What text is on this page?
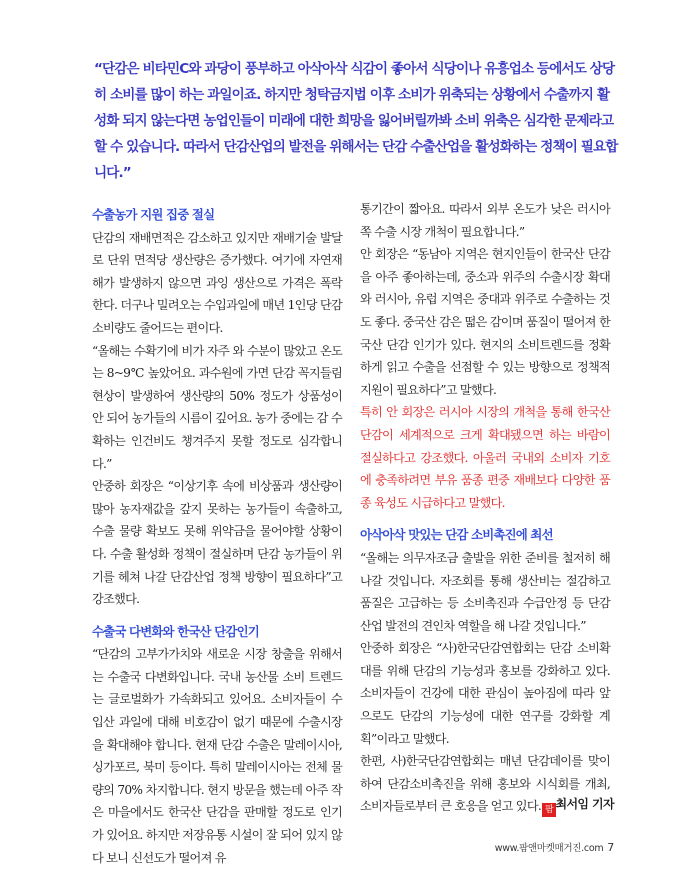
“단감은 비타민C와 과당이 풍부하고 아삭아삭 식감이 좋아서 식당이나 유흥업소 등에서도 상당히 소비를 많이 하는 과일이죠. 하지만 청탁금지법 이후 소비가 위축되는 상황에서 수출까지 활성화 되지 않는다면 농업인들이 미래에 대한 희망을 잃어버릴까봐 소비 위축은 심각한 문제라고 할 수 있습니다. 따라서 단감산업의 발전을 위해서는 단감 수출산업을 활성화하는 정책이 필요합니다.”

수출농가 지원 집중 절실

단감의 재배면적은 감소하고 있지만 재배기술 발달로 단위 면적당 생산량은 증가했다. 여기에 자연재해가 발생하지 않으면 과잉 생산으로 가격은 폭락한다. 더구나 밀려오는 수입과일에 매년 1인당 단감 소비량도 줄어드는 편이다.

“올해는 수확기에 비가 자주 와 수분이 많았고 온도는 8~9℃ 높았어요. 과수원에 가면 단감 꼭지들림 현상이 발생하여 생산량의 50% 정도가 상품성이 안 되어 농가들의 시름이 깊어요. 농가 중에는 감 수확하는 인건비도 챙겨주지 못할 정도로 심각합니다.”

안중하 회장은 “이상기후 속에 비상품과 생산량이 많아 농자재값을 갚지 못하는 농가들이 속출하고, 수출 물량 확보도 못해 위약금을 물어야할 상황이다. 수출 활성화 정책이 절실하며 단감 농가들이 위기를 헤쳐 나갈 단감산업 정책 방향이 필요하다”고 강조했다.

수출국 다변화와 한국산 단감인기

“단감의 고부가가치와 새로운 시장 창출을 위해서는 수출국 다변화입니다. 국내 농산물 소비 트렌드는 글로벌화가 가속화되고 있어요. 소비자들이 수입산 과일에 대해 비호감이 없기 때문에 수출시장을 확대해야 합니다. 현재 단감 수출은 말레이시아, 싱가포르, 북미 등이다. 특히 말레이시아는 전체 물량의 70% 차지합니다. 현지 방문을 했는데 아주 작은 마을에서도 한국산 단감을 판매할 정도로 인기가 있어요. 하지만 저장유통 시설이 잘 되어 있지 않다 보니 신선도가 떨어져 유

통기간이 짧아요. 따라서 외부 온도가 낮은 러시아쪽 수출 시장 개척이 필요합니다.”

안 회장은 “동남아 지역은 현지인들이 한국산 단감을 아주 좋아하는데, 중소과 위주의 수출시장 확대와 러시아, 유럽 지역은 중대과 위주로 수출하는 것도 좋다. 중국산 감은 떫은 감이며 품질이 떨어져 한국산 단감 인기가 있다. 현지의 소비트렌드를 정확하게 읽고 수출을 선점할 수 있는 방향으로 정책적 지원이 필요하다”고 말했다.

특히 안 회장은 러시아 시장의 개척을 통해 한국산 단감이 세계적으로 크게 확대됐으면 하는 바람이 절실하다고 강조했다. 아울러 국내외 소비자 기호에 충족하려면 부유 품종 편중 재배보다 다양한 품종 육성도 시급하다고 말했다.

아삭아삭 맛있는 단감 소비촉진에 최선

“올해는 의무자조금 출발을 위한 준비를 철저히 해 나갈 것입니다. 자조회를 통해 생산비는 절감하고 품질은 고급하는 등 소비촉진과 수급안정 등 단감산업 발전의 견인차 역할을 해 나갈 것입니다.”

안중하 회장은 “사)한국단감연합회는 단감 소비확대를 위해 단감의 기능성과 홍보를 강화하고 있다. 소비자들이 건강에 대한 관심이 높아짐에 따라 앞으로도 단감의 기능성에 대한 연구를 강화할 계획”이라고 말했다.

한편, 사)한국단감연합회는 매년 단감데이를 맞이하여 단감소비촉진을 위해 홍보와 시식회를 개최, 소비자들로부터 큰 호응을 얻고 있다. 팜 최서임 기자
www.팜앤마켓매거진.com 7
